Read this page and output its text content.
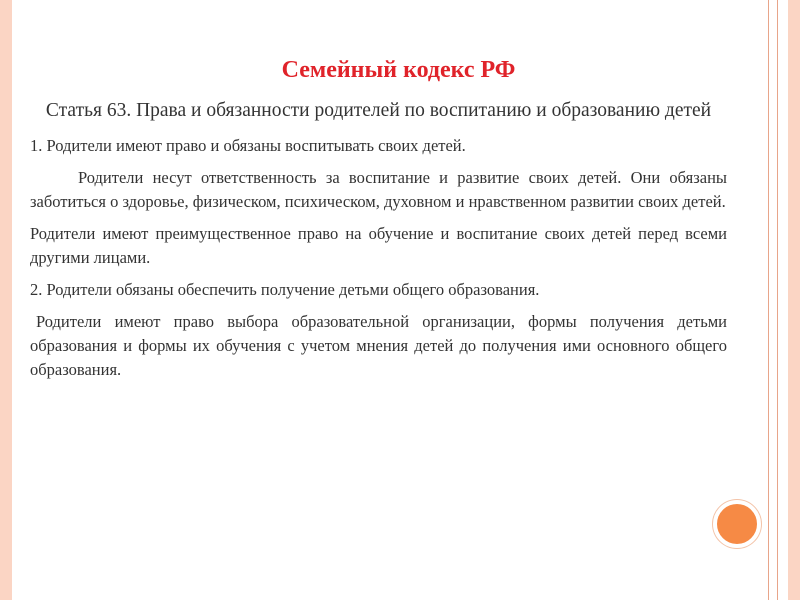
Семейный кодекс РФ
Статья 63. Права и обязанности родителей по воспитанию и образованию детей

1. Родители имеют право и обязаны воспитывать своих детей.

Родители несут ответственность за воспитание и развитие своих детей. Они обязаны заботиться о здоровье, физическом, психическом, духовном и нравственном развитии своих детей.

Родители имеют преимущественное право на обучение и воспитание своих детей перед всеми другими лицами.

2. Родители обязаны обеспечить получение детьми общего образования.

Родители имеют право выбора образовательной организации, формы получения детьми образования и формы их обучения с учетом мнения детей до получения ими основного общего образования.
